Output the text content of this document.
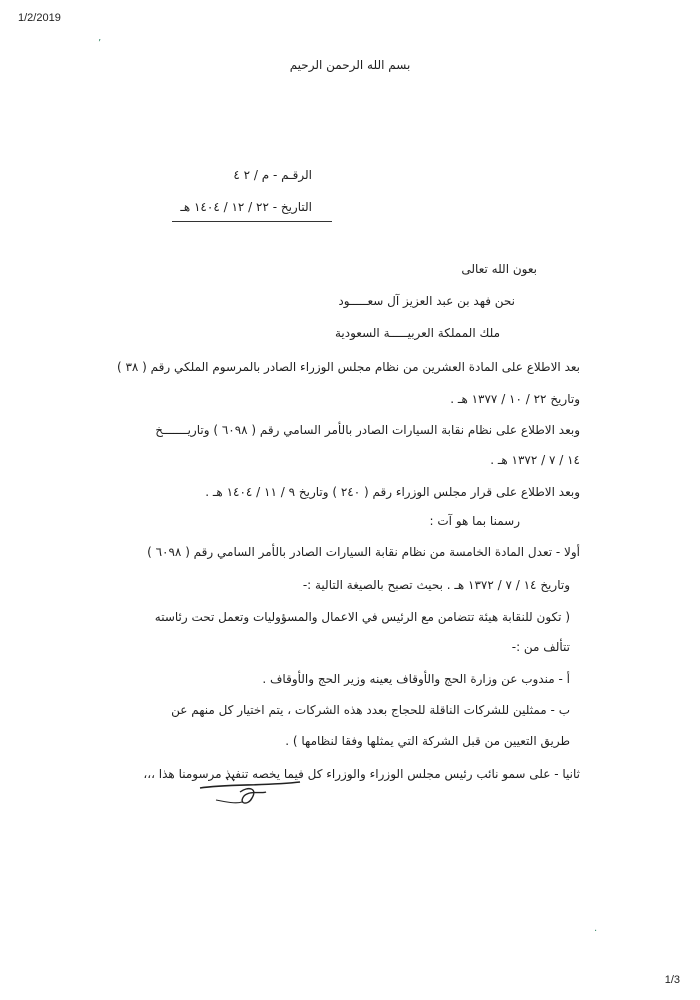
1/2/2019
’
بسم الله الرحمن الرحيم
الرقـم - م / ٢ ٤
التاريخ - ٢٢ / ١٢ / ١٤٠٤ هـ
بعون الله تعالى
نحن فهد بن عبد العزيز آل سعـــــود
ملك المملكة العربيـــــة السعودية
بعد الاطلاع على المادة العشرين من نظام مجلس الوزراء الصادر بالمرسوم الملكي رقم ( ٣٨ )
وتاريخ ٢٢ / ١٠ / ١٣٧٧ هـ .
وبعد الاطلاع على نظام نقابة السيارات الصادر بالأمر السامي رقم ( ٦٠٩٨ ) وتاريـــــــخ
١٤ / ٧ / ١٣٧٢ هـ .
وبعد الاطلاع على قرار مجلس الوزراء رقم ( ٢٤٠ ) وتاريخ ٩ / ١١ / ١٤٠٤ هـ .
رسمنا بما هو آت :
أولا - تعدل المادة الخامسة من نظام نقابة السيارات الصادر بالأمر السامي رقم ( ٦٠٩٨ )
وتاريخ ١٤ / ٧ / ١٣٧٢ هـ . بحيث تصبح بالصيغة التالية :-
( تكون للنقابة هيئة تتضامن مع الرئيس في الاعمال والمسؤوليات وتعمل تحت رئاسته
تتألف من :-
أ - مندوب عن وزارة الحج والأوقاف يعينه وزير الحج والأوقاف .
ب - ممثلين للشركات الناقلة للحجاج بعدد هذه الشركات ، يتم اختيار كل منهم عن
طريق التعيين من قبل الشركة التي يمثلها وفقا لنظامها ) .
ثانيا - على سمو نائب رئيس مجلس الوزراء والوزراء كل فيما يخصه تنفيذ مرسومنا هذا ،،،
·
1/3
